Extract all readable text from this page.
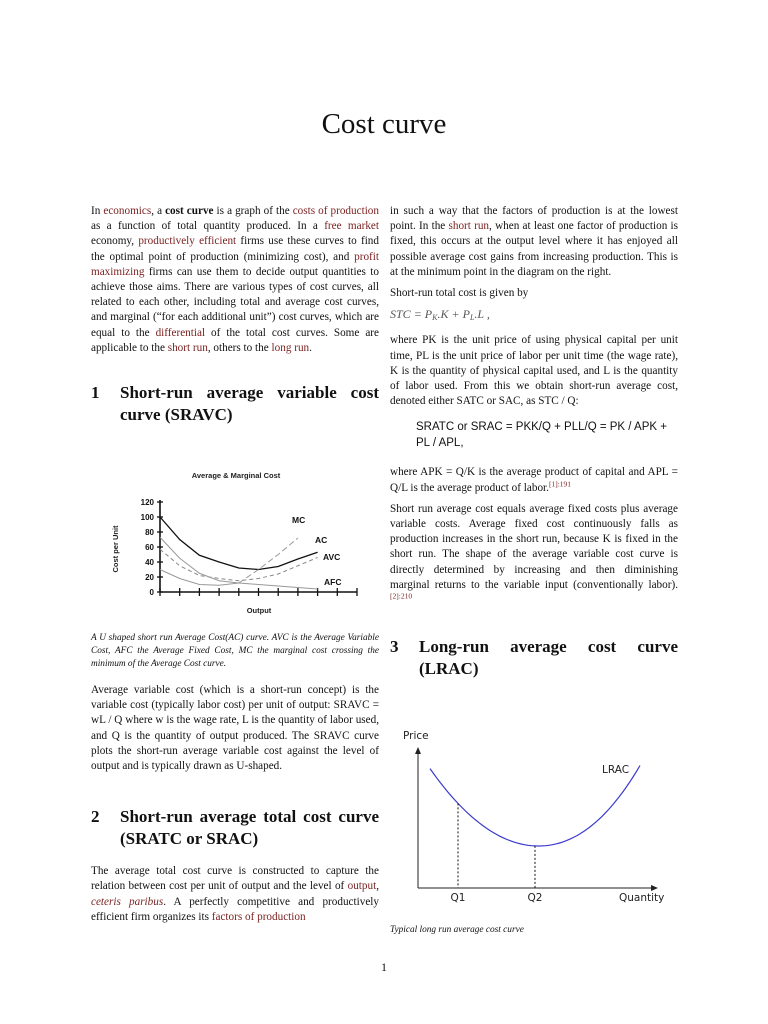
Cost curve

In economics, a cost curve is a graph of the costs of production as a function of total quantity produced. In a free market economy, productively efficient firms use these curves to find the optimal point of production (minimizing cost), and profit maximizing firms can use them to decide output quantities to achieve those aims. There are various types of cost curves, all related to each other, including total and average cost curves, and marginal (“for each additional unit”) cost curves, which are equal to the differential of the total cost curves. Some are applicable to the short run, others to the long run.

1	Short-run average variable cost curve (SRAVC)
Average & Marginal Cost
Output
Cost per Unit
0
20
40
60
80
100
120
MC
AC
AVC
AFC
A U shaped short run Average Cost(AC) curve. AVC is the Average Variable Cost, AFC the Average Fixed Cost, MC the marginal cost crossing the minimum of the Average Cost curve.

Average variable cost (which is a short-run concept) is the variable cost (typically labor cost) per unit of output: SRAVC = wL / Q where w is the wage rate, L is the quantity of labor used, and Q is the quantity of output produced. The SRAVC curve plots the short-run average variable cost against the level of output and is typically drawn as U-shaped.

2	Short-run average total cost curve (SRATC or SRAC)

The average total cost curve is constructed to capture the relation between cost per unit of output and the level of output, ceteris paribus. A perfectly competitive and productively efficient firm organizes its factors of production

in such a way that the factors of production is at the lowest point. In the short run, when at least one factor of production is fixed, this occurs at the output level where it has enjoyed all possible average cost gains from increasing production. This is at the minimum point in the diagram on the right.

Short-run total cost is given by

STC = $P_K.K + P_L.L$ ,

where PK is the unit price of using physical capital per unit time, PL is the unit price of labor per unit time (the wage rate), K is the quantity of physical capital used, and L is the quantity of labor used. From this we obtain short-run average cost, denoted either SATC or SAC, as STC / Q:

SRATC or SRAC = PKK/Q + PLL/Q = PK / APK + PL / APL,

where APK = Q/K is the average product of capital and APL = Q/L is the average product of labor.$^{[1]:191}$

Short run average cost equals average fixed costs plus average variable costs. Average fixed cost continuously falls as production increases in the short run, because K is fixed in the short run. The shape of the average variable cost curve is directly determined by increasing and then diminishing marginal returns to the variable input (conventionally labor).$^{[2]:210}$

3	Long-run average cost curve (LRAC)
Price
Quantity
LRAC
Q1	Q2
Typical long run average cost curve
1
